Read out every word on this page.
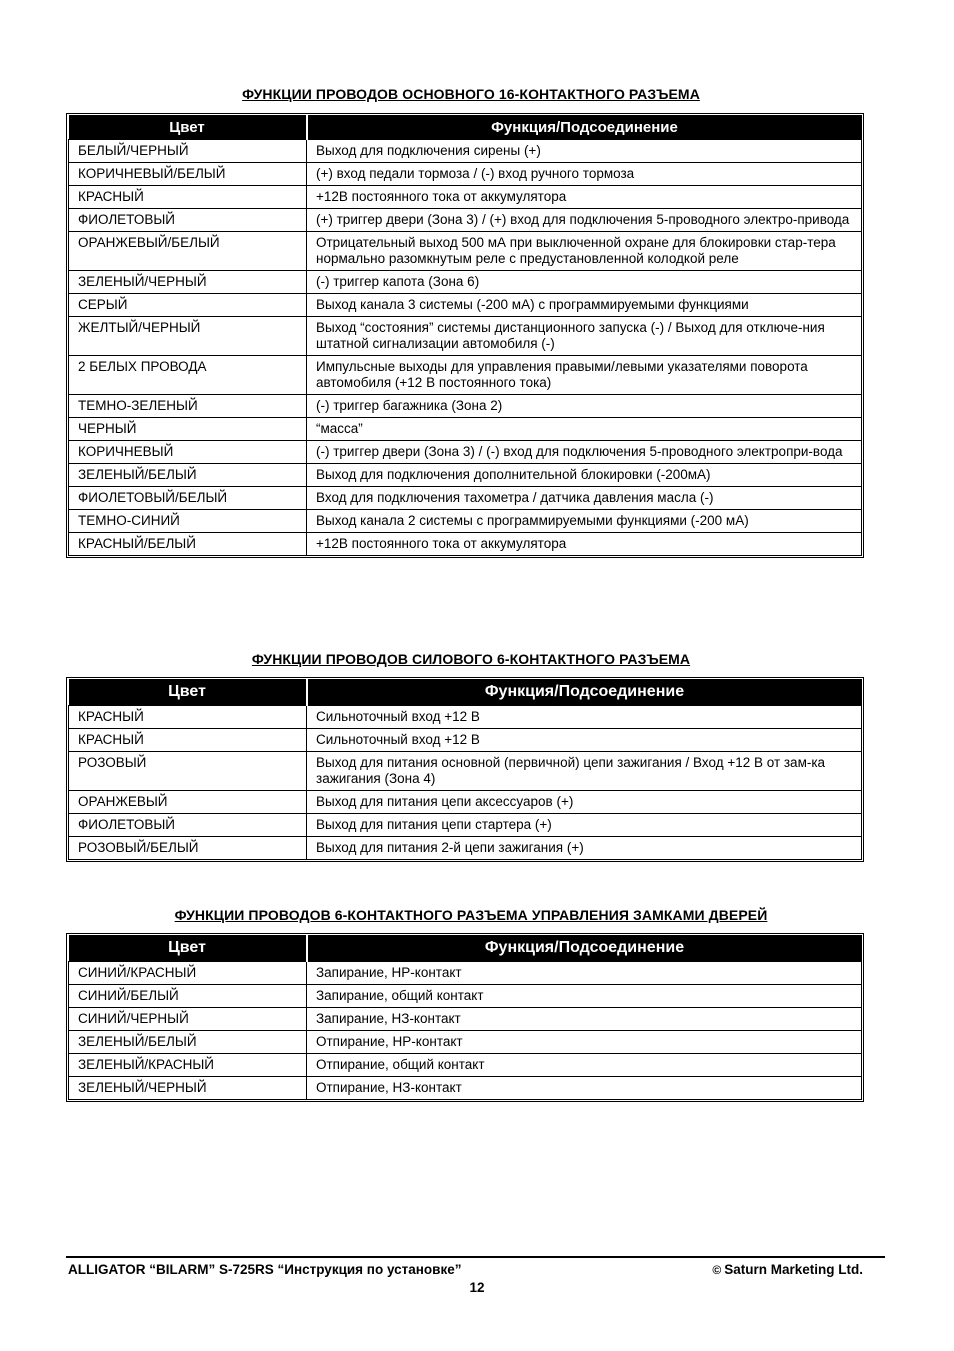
ФУНКЦИИ ПРОВОДОВ ОСНОВНОГО 16-КОНТАКТНОГО РАЗЪЕМА
Цвет	Функция/Подсоединение
БЕЛЫЙ/ЧЕРНЫЙ	Выход для подключения сирены (+)
КОРИЧНЕВЫЙ/БЕЛЫЙ	(+) вход педали тормоза / (-) вход ручного тормоза
КРАСНЫЙ	+12В постоянного тока от аккумулятора
ФИОЛЕТОВЫЙ	(+) триггер двери (Зона 3) / (+) вход для подключения 5-проводного электро-привода
ОРАНЖЕВЫЙ/БЕЛЫЙ	Отрицательный выход 500 мА при выключенной охране для блокировки стар-тера нормально разомкнутым реле с предустановленной колодкой реле
ЗЕЛЕНЫЙ/ЧЕРНЫЙ	(-) триггер капота (Зона 6)
СЕРЫЙ	Выход канала 3 системы (-200 мА) с программируемыми функциями
ЖЕЛТЫЙ/ЧЕРНЫЙ	Выход “состояния” системы дистанционного запуска (-) / Выход для отключе-ния штатной сигнализации автомобиля (-)
2 БЕЛЫХ ПРОВОДА	Импульсные выходы для управления правыми/левыми указателями поворота автомобиля (+12 В постоянного тока)
ТЕМНО-ЗЕЛЕНЫЙ	(-) триггер багажника (Зона 2)
ЧЕРНЫЙ	“масса”
КОРИЧНЕВЫЙ	(-) триггер двери (Зона 3) / (-) вход для подключения 5-проводного электропри-вода
ЗЕЛЕНЫЙ/БЕЛЫЙ	Выход для подключения дополнительной блокировки (-200мА)
ФИОЛЕТОВЫЙ/БЕЛЫЙ	Вход для подключения тахометра / датчика давления масла (-)
ТЕМНО-СИНИЙ	Выход канала 2 системы с программируемыми функциями (-200 мА)
КРАСНЫЙ/БЕЛЫЙ	+12В постоянного тока от аккумулятора
ФУНКЦИИ ПРОВОДОВ СИЛОВОГО 6-КОНТАКТНОГО РАЗЪЕМА
Цвет	Функция/Подсоединение
КРАСНЫЙ	Сильноточный вход +12 В
КРАСНЫЙ	Сильноточный вход +12 В
РОЗОВЫЙ	Выход для питания основной (первичной) цепи зажигания / Вход +12 В от зам-ка зажигания (Зона 4)
ОРАНЖЕВЫЙ	Выход для питания цепи аксессуаров (+)
ФИОЛЕТОВЫЙ	Выход для питания цепи стартера (+)
РОЗОВЫЙ/БЕЛЫЙ	Выход для питания 2-й цепи зажигания (+)
ФУНКЦИИ ПРОВОДОВ 6-КОНТАКТНОГО РАЗЪЕМА УПРАВЛЕНИЯ ЗАМКАМИ ДВЕРЕЙ
Цвет	Функция/Подсоединение
СИНИЙ/КРАСНЫЙ	Запирание, НР-контакт
СИНИЙ/БЕЛЫЙ	Запирание, общий контакт
СИНИЙ/ЧЕРНЫЙ	Запирание, НЗ-контакт
ЗЕЛЕНЫЙ/БЕЛЫЙ	Отпирание, НР-контакт
ЗЕЛЕНЫЙ/КРАСНЫЙ	Отпирание, общий контакт
ЗЕЛЕНЫЙ/ЧЕРНЫЙ	Отпирание, НЗ-контакт
ALLIGATOR “BILARM” S-725RS “Инструкция по установке”	© Saturn Marketing Ltd.
12
